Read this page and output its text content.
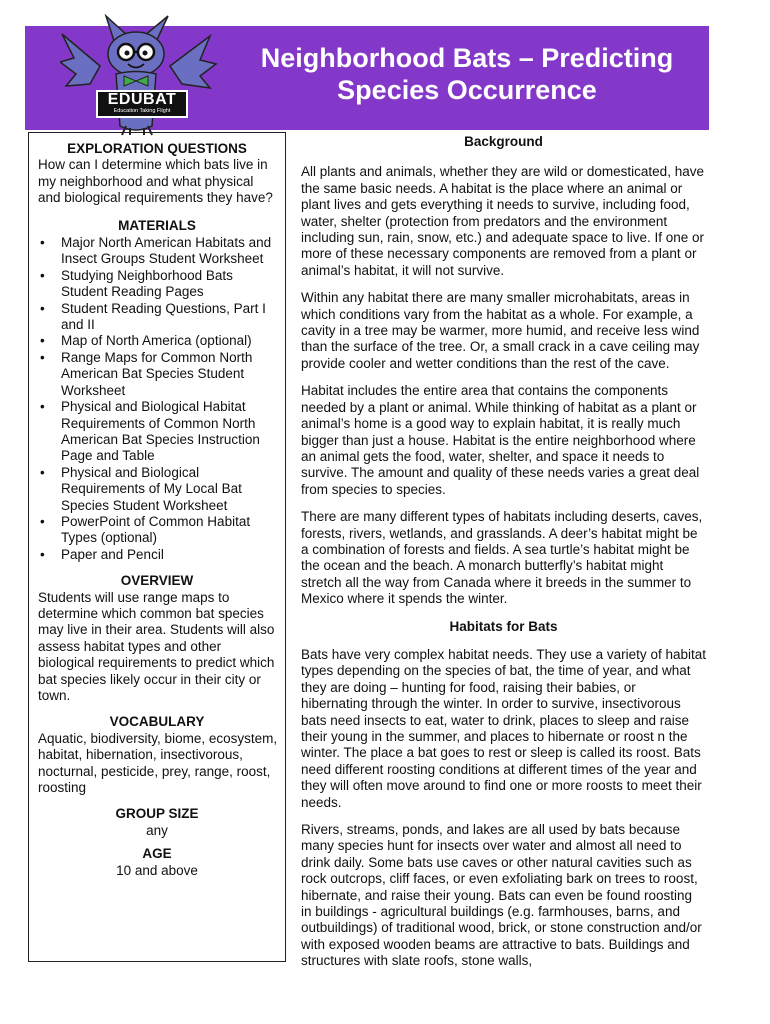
Neighborhood Bats – Predicting
Species Occurrence
EDUBAT
Education Taking Flight
EXPLORATION QUESTIONS

How can I determine which bats live in my neighborhood and what physical and biological requirements they have?

MATERIALS
• Major North American Habitats and Insect Groups Student Worksheet
• Studying Neighborhood Bats Student Reading Pages
• Student Reading Questions, Part I and II
• Map of North America (optional)
• Range Maps for Common North American Bat Species Student Worksheet
• Physical and Biological Habitat Requirements of Common North American Bat Species Instruction Page and Table
• Physical and Biological Requirements of My Local Bat Species Student Worksheet
• PowerPoint of Common Habitat Types (optional)
• Paper and Pencil
OVERVIEW

Students will use range maps to determine which common bat species may live in their area. Students will also assess habitat types and other biological requirements to predict which bat species likely occur in their city or town.

VOCABULARY

Aquatic, biodiversity, biome, ecosystem, habitat, hibernation, insectivorous, nocturnal, pesticide, prey, range, roost, roosting

GROUP SIZE
any
AGE
10 and above
Background

All plants and animals, whether they are wild or domesticated, have the same basic needs. A habitat is the place where an animal or plant lives and gets everything it needs to survive, including food, water, shelter (protection from predators and the environment including sun, rain, snow, etc.) and adequate space to live. If one or more of these necessary components are removed from a plant or animal’s habitat, it will not survive.

Within any habitat there are many smaller microhabitats, areas in which conditions vary from the habitat as a whole. For example, a cavity in a tree may be warmer, more humid, and receive less wind than the surface of the tree. Or, a small crack in a cave ceiling may provide cooler and wetter conditions than the rest of the cave.

Habitat includes the entire area that contains the components needed by a plant or animal. While thinking of habitat as a plant or animal’s home is a good way to explain habitat, it is really much bigger than just a house. Habitat is the entire neighborhood where an animal gets the food, water, shelter, and space it needs to survive. The amount and quality of these needs varies a great deal from species to species.

There are many different types of habitats including deserts, caves, forests, rivers, wetlands, and grasslands. A deer’s habitat might be a combination of forests and fields. A sea turtle’s habitat might be the ocean and the beach. A monarch butterfly’s habitat might stretch all the way from Canada where it breeds in the summer to Mexico where it spends the winter.

Habitats for Bats

Bats have very complex habitat needs. They use a variety of habitat types depending on the species of bat, the time of year, and what they are doing – hunting for food, raising their babies, or hibernating through the winter. In order to survive, insectivorous bats need insects to eat, water to drink, places to sleep and raise their young in the summer, and places to hibernate or roost n the winter. The place a bat goes to rest or sleep is called its roost. Bats need different roosting conditions at different times of the year and they will often move around to find one or more roosts to meet their needs.

Rivers, streams, ponds, and lakes are all used by bats because many species hunt for insects over water and almost all need to drink daily. Some bats use caves or other natural cavities such as rock outcrops, cliff faces, or even exfoliating bark on trees to roost, hibernate, and raise their young. Bats can even be found roosting in buildings - agricultural buildings (e.g. farmhouses, barns, and outbuildings) of traditional wood, brick, or stone construction and/or with exposed wooden beams are attractive to bats. Buildings and structures with slate roofs, stone walls,
